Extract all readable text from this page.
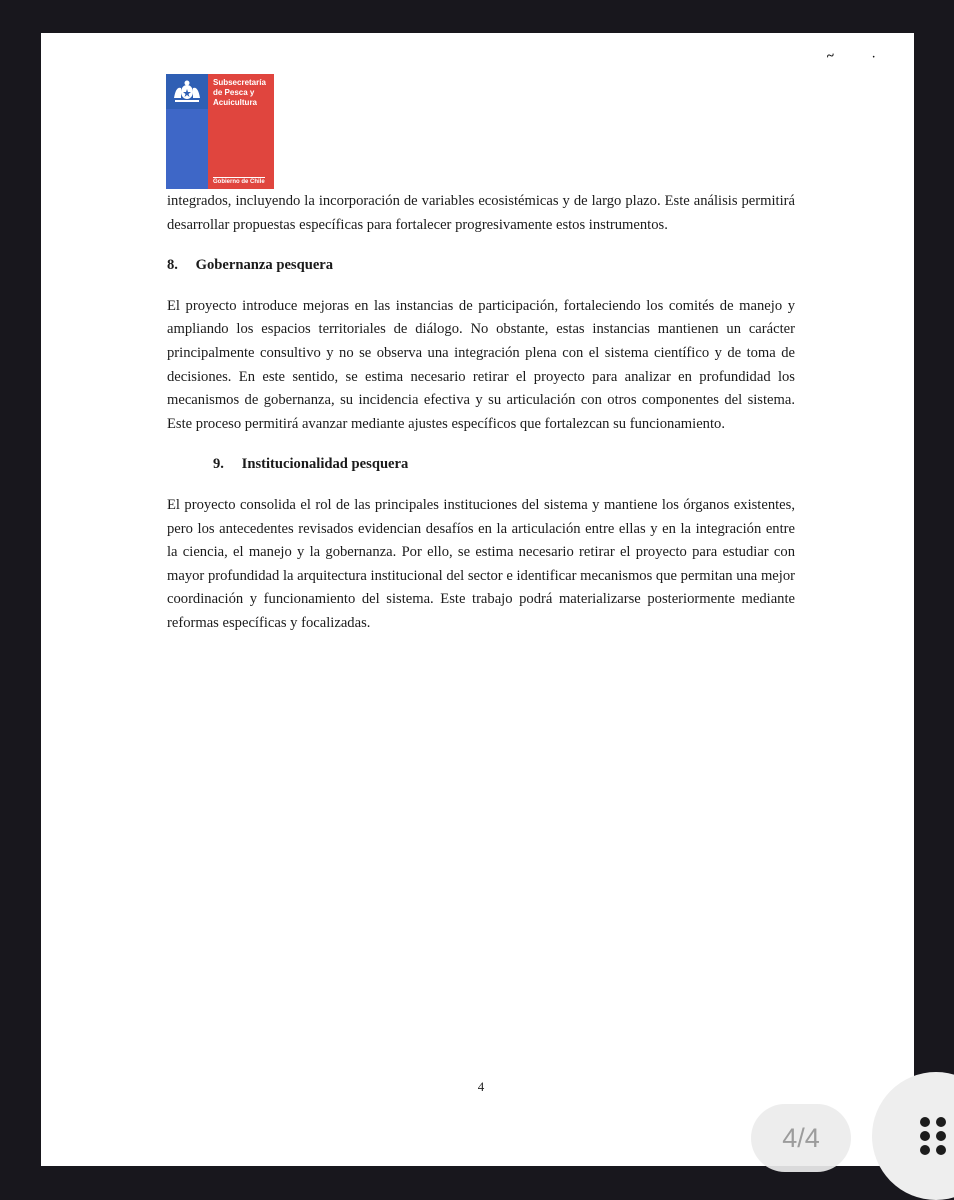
~	·
Subsecretaría
de Pesca y
Acuicultura
Gobierno de Chile

integrados, incluyendo la incorporación de variables ecosistémicas y de largo plazo. Este análisis permitirá desarrollar propuestas específicas para fortalecer progresivamente estos instrumentos.

8. Gobernanza pesquera

El proyecto introduce mejoras en las instancias de participación, fortaleciendo los comités de manejo y ampliando los espacios territoriales de diálogo. No obstante, estas instancias mantienen un carácter principalmente consultivo y no se observa una integración plena con el sistema científico y de toma de decisiones. En este sentido, se estima necesario retirar el proyecto para analizar en profundidad los mecanismos de gobernanza, su incidencia efectiva y su articulación con otros componentes del sistema. Este proceso permitirá avanzar mediante ajustes específicos que fortalezcan su funcionamiento.

9. Institucionalidad pesquera

El proyecto consolida el rol de las principales instituciones del sistema y mantiene los órganos existentes, pero los antecedentes revisados evidencian desafíos en la articulación entre ellas y en la integración entre la ciencia, el manejo y la gobernanza. Por ello, se estima necesario retirar el proyecto para estudiar con mayor profundidad la arquitectura institucional del sector e identificar mecanismos que permitan una mejor coordinación y funcionamiento del sistema. Este trabajo podrá materializarse posteriormente mediante reformas específicas y focalizadas.

4
4/4
